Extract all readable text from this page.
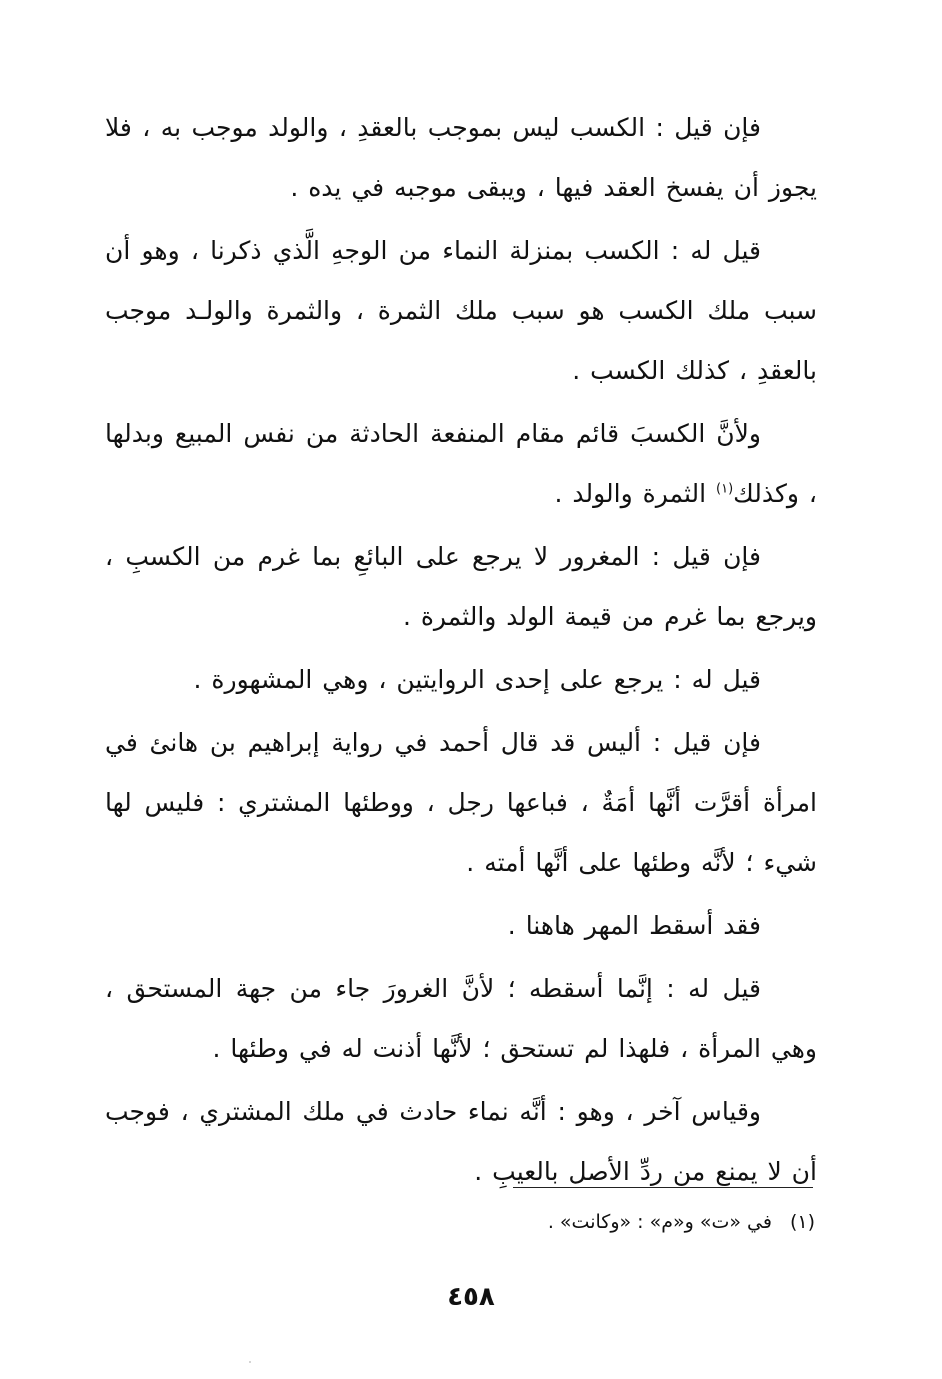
فإن قيل : الكسب ليس بموجب بالعقدِ ، والولد موجب به ، فلا يجوز أن يفسخ العقد فيها ، ويبقى موجبه في يده .

قيل له : الكسب بمنزلة النماء من الوجهِ الَّذي ذكرنا ، وهو أن سبب ملك الكسب هو سبب ملك الثمرة ، والثمرة والولـد موجب بالعقدِ ، كذلك الكسب .

ولأنَّ الكسبَ قائم مقام المنفعة الحادثة من نفس المبيع وبدلها ، وكذلك$^{(١)}$ الثمرة والولد .

فإن قيل : المغرور لا يرجع على البائعِ بما غرم من الكسبِ ، ويرجع بما غرم من قيمة الولد والثمرة .

قيل له : يرجع على إحدى الروايتين ، وهي المشهورة .

فإن قيل : أليس قد قال أحمد في رواية إبراهيم بن هانئ في امرأة أقرَّت أنَّها أمَةٌ ، فباعها رجل ، ووطئها المشتري : فليس لها شيء ؛ لأنَّه وطئها على أنَّها أمته .

فقد أسقط المهر هاهنا .

قيل له : إنَّما أسقطه ؛ لأنَّ الغرورَ جاء من جهة المستحق ، وهي المرأة ، فلهذا لم تستحق ؛ لأنَّها أذنت له في وطئها .

وقياس آخر ، وهو : أنَّه نماء حادث في ملك المشتري ، فوجب أن لا يمنع من ردِّ الأصل بالعيبِ .

(١)في «ت» و«م» : «وكانت» .
٤٥٨
